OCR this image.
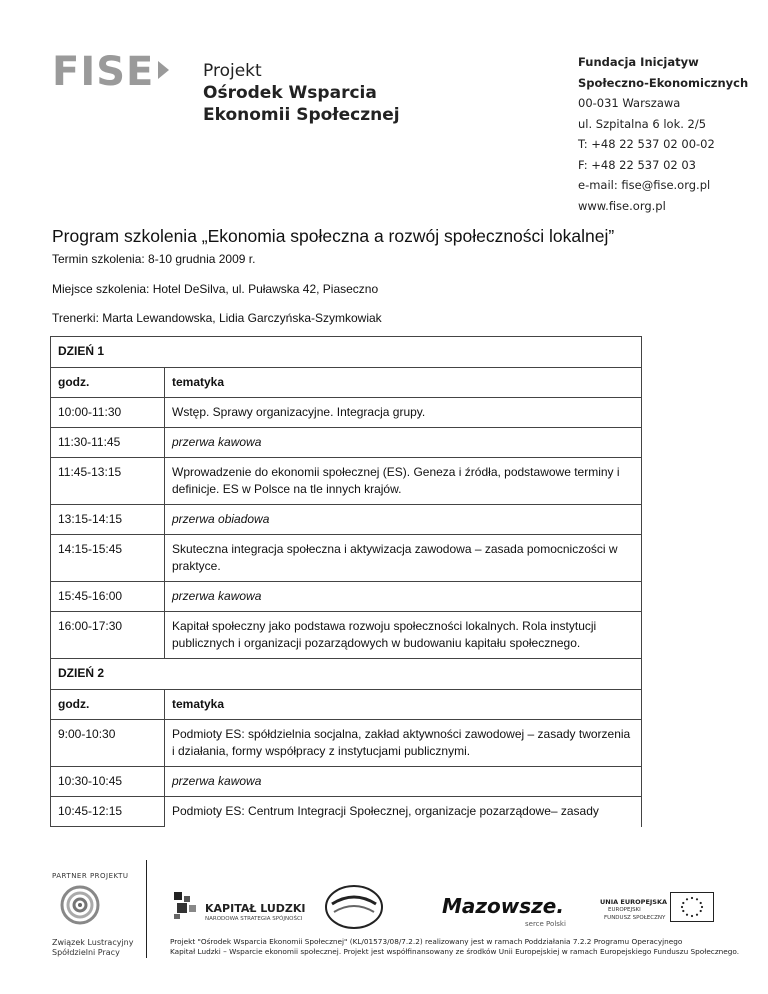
FISE	Projekt
Ośrodek Wsparcia
Ekonomii Społecznej
Fundacja Inicjatyw
Społeczno-Ekonomicznych
00-031 Warszawa
ul. Szpitalna 6 lok. 2/5
T: +48 22 537 02 00-02
F: +48 22 537 02 03
e-mail: fise@fise.org.pl
www.fise.org.pl
Program szkolenia „Ekonomia społeczna a rozwój społeczności lokalnej”
Termin szkolenia: 8-10 grudnia 2009 r.
Miejsce szkolenia: Hotel DeSilva, ul. Puławska 42, Piaseczno
Trenerki: Marta Lewandowska, Lidia Garczyńska-Szymkowiak
DZIEŃ 1	
godz.	tematyka
10:00-11:30	Wstęp. Sprawy organizacyjne. Integracja grupy.
11:30-11:45	przerwa kawowa
11:45-13:15	Wprowadzenie do ekonomii społecznej (ES). Geneza i źródła, podstawowe terminy i definicje. ES w Polsce na tle innych krajów.
13:15-14:15	przerwa obiadowa
14:15-15:45	Skuteczna integracja społeczna i aktywizacja zawodowa – zasada pomocniczości w praktyce.
15:45-16:00	przerwa kawowa
16:00-17:30	Kapitał społeczny jako podstawa rozwoju społeczności lokalnych. Rola instytucji publicznych i organizacji pozarządowych w budowaniu kapitału społecznego.
DZIEŃ 2	
godz.	tematyka
9:00-10:30	Podmioty ES: spółdzielnia socjalna, zakład aktywności zawodowej – zasady tworzenia i działania, formy współpracy z instytucjami publicznymi.
10:30-10:45	przerwa kawowa
10:45-12:15	Podmioty ES: Centrum Integracji Społecznej, organizacje pozarządowe– zasady
PARTNER PROJEKTU
Związek Lustracyjny
Spółdzielni Pracy
KAPITAŁ LUDZKI
NARODOWA STRATEGIA SPÓJNOŚCI
Mazowsze.
serce Polski
UNIA EUROPEJSKA
EUROPEJSKI
FUNDUSZ SPOŁECZNY
Projekt "Ośrodek Wsparcia Ekonomii Społecznej" (KL/01573/08/7.2.2) realizowany jest w ramach Poddziałania 7.2.2 Programu Operacyjnego
Kapitał Ludzki – Wsparcie ekonomii społecznej. Projekt jest współfinansowany ze środków Unii Europejskiej w ramach Europejskiego Funduszu Społecznego.
